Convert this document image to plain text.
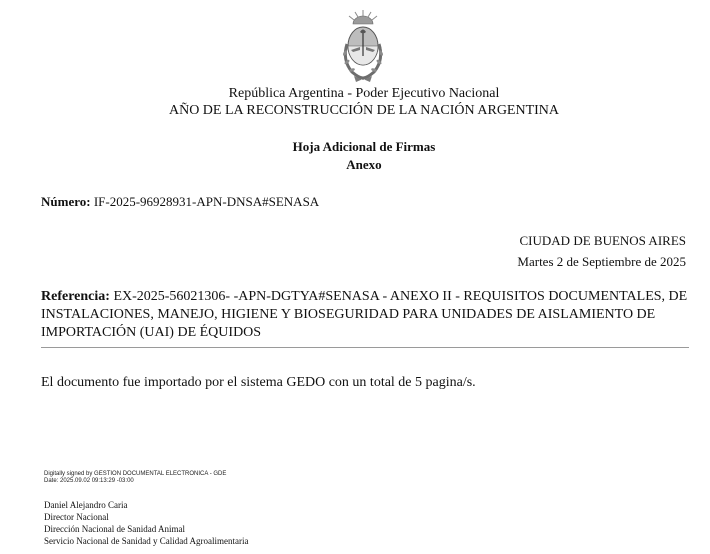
República Argentina - Poder Ejecutivo Nacional
AÑO DE LA RECONSTRUCCIÓN DE LA NACIÓN ARGENTINA
Hoja Adicional de Firmas
Anexo
Número: IF-2025-96928931-APN-DNSA#SENASA
CIUDAD DE BUENOS AIRES
Martes 2 de Septiembre de 2025
Referencia: EX-2025-56021306- -APN-DGTYA#SENASA - ANEXO II - REQUISITOS DOCUMENTALES, DE INSTALACIONES, MANEJO, HIGIENE Y BIOSEGURIDAD PARA UNIDADES DE AISLAMIENTO DE IMPORTACIÓN (UAI) DE ÉQUIDOS
El documento fue importado por el sistema GEDO con un total de 5 pagina/s.
Digitally signed by GESTION DOCUMENTAL ELECTRONICA - GDE
Date: 2025.09.02 09:13:29 -03:00
Daniel Alejandro Caria
Director Nacional
Dirección Nacional de Sanidad Animal
Servicio Nacional de Sanidad y Calidad Agroalimentaria
